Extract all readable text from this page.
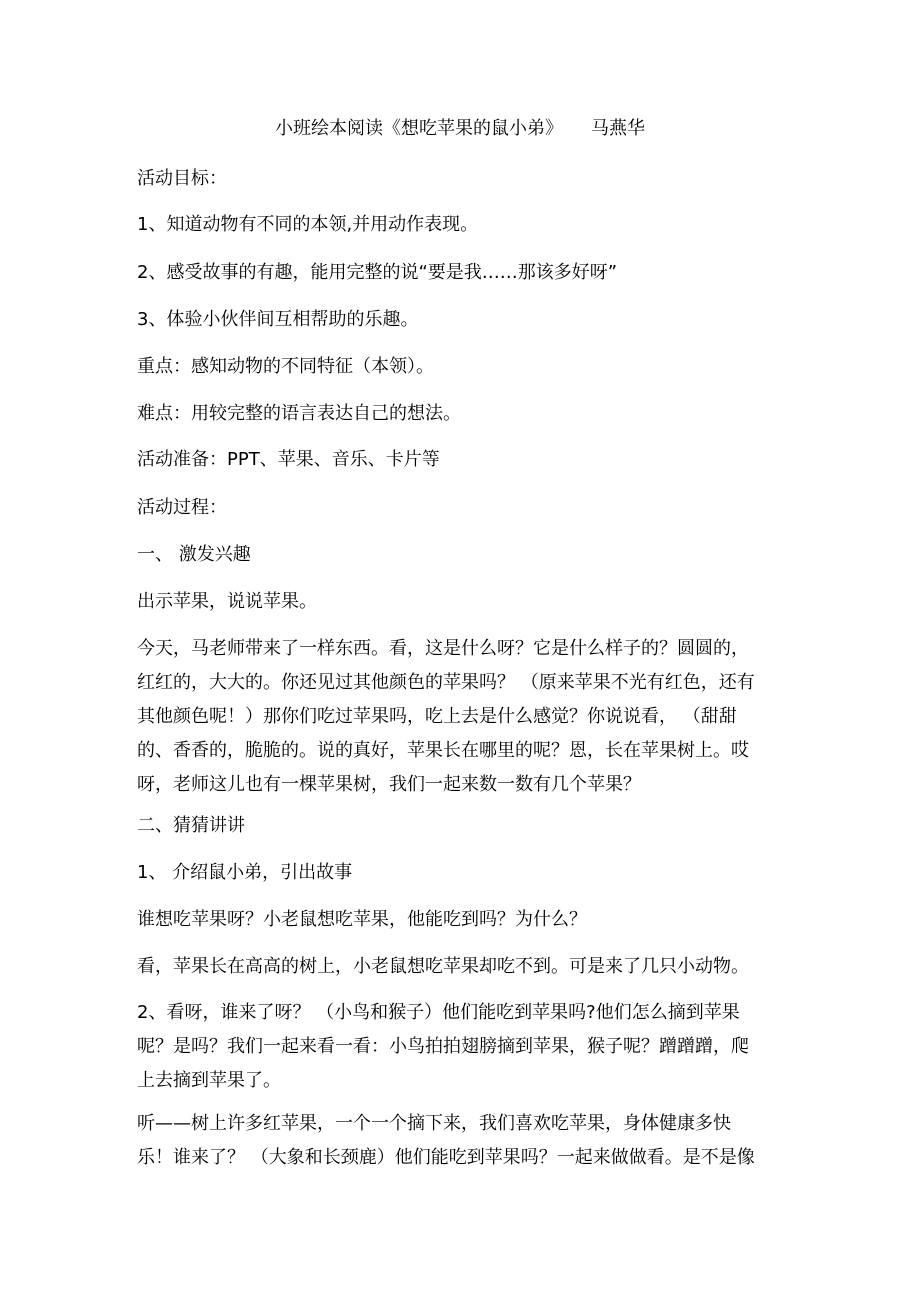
小班绘本阅读《想吃苹果的鼠小弟》 马燕华
活动目标：
1、知道动物有不同的本领,并用动作表现。
2、感受故事的有趣，能用完整的说“要是我……那该多好呀”
3、体验小伙伴间互相帮助的乐趣。
重点：感知动物的不同特征（本领）。
难点：用较完整的语言表达自己的想法。
活动准备：PPT、苹果、音乐、卡片等
活动过程：
一、 激发兴趣
出示苹果，说说苹果。
今天，马老师带来了一样东西。看，这是什么呀？它是什么样子的？圆圆的，
红红的，大大的。你还见过其他颜色的苹果吗？ （原来苹果不光有红色，还有
其他颜色呢！）那你们吃过苹果吗，吃上去是什么感觉？你说说看， （甜甜
的、香香的，脆脆的。说的真好，苹果长在哪里的呢？恩，长在苹果树上。哎
呀，老师这儿也有一棵苹果树，我们一起来数一数有几个苹果？
二、猜猜讲讲
1、 介绍鼠小弟，引出故事
谁想吃苹果呀？小老鼠想吃苹果，他能吃到吗？为什么？
看，苹果长在高高的树上，小老鼠想吃苹果却吃不到。可是来了几只小动物。
2、看呀，谁来了呀？ （小鸟和猴子）他们能吃到苹果吗?他们怎么摘到苹果
呢？是吗？我们一起来看一看：小鸟拍拍翅膀摘到苹果，猴子呢？蹭蹭蹭，爬
上去摘到苹果了。
听——树上许多红苹果，一个一个摘下来，我们喜欢吃苹果，身体健康多快
乐！谁来了？ （大象和长颈鹿）他们能吃到苹果吗？一起来做做看。是不是像
